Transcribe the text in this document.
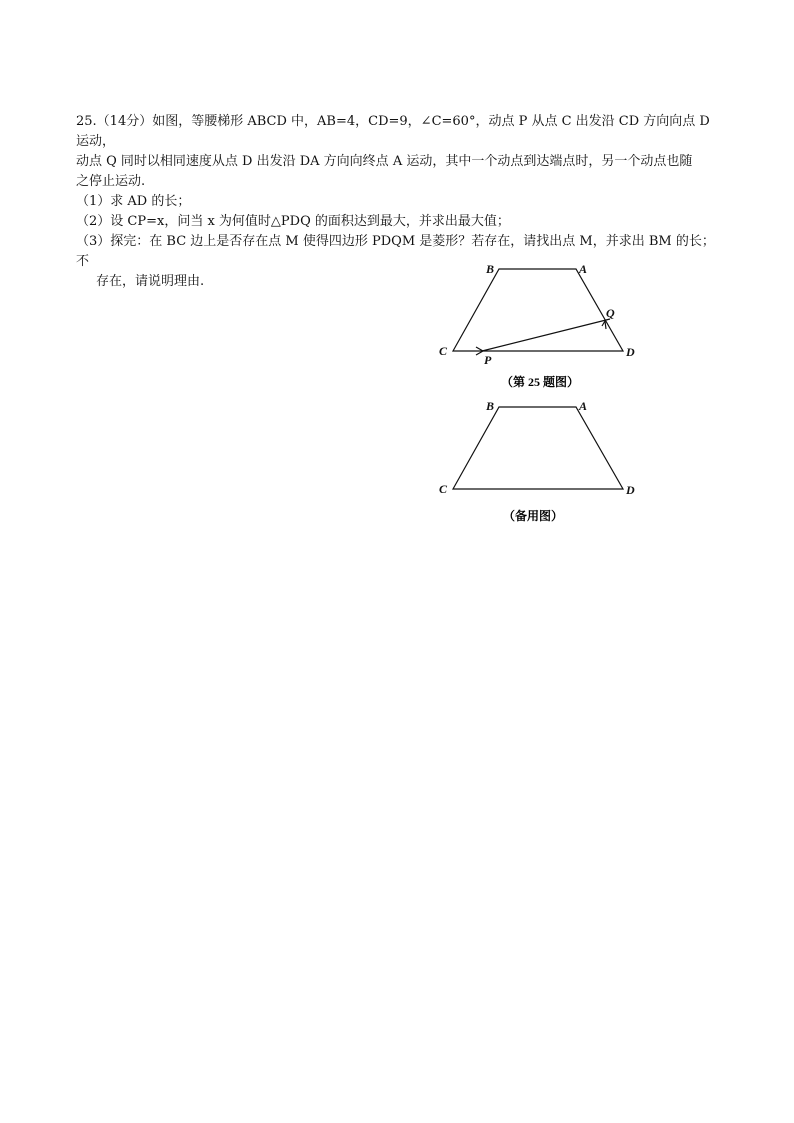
25.（14分）如图，等腰梯形 ABCD 中，AB=4，CD=9，∠C=60°，动点 P 从点 C 出发沿 CD 方向向点 D 运动，

动点 Q 同时以相同速度从点 D 出发沿 DA 方向向终点 A 运动，其中一个动点到达端点时，另一个动点也随

之停止运动.

（1）求 AD 的长；

（2）设 CP=x，问当 x 为何值时△PDQ 的面积达到最大，并求出最大值；

（3）探完：在 BC 边上是否存在点 M 使得四边形 PDQM 是菱形？若存在，请找出点 M，并求出 BM 的长；不

存在，请说明理由.

B	A
C	D
P
Q
（第 25 题图）
B	A
C	D
（备用图）
